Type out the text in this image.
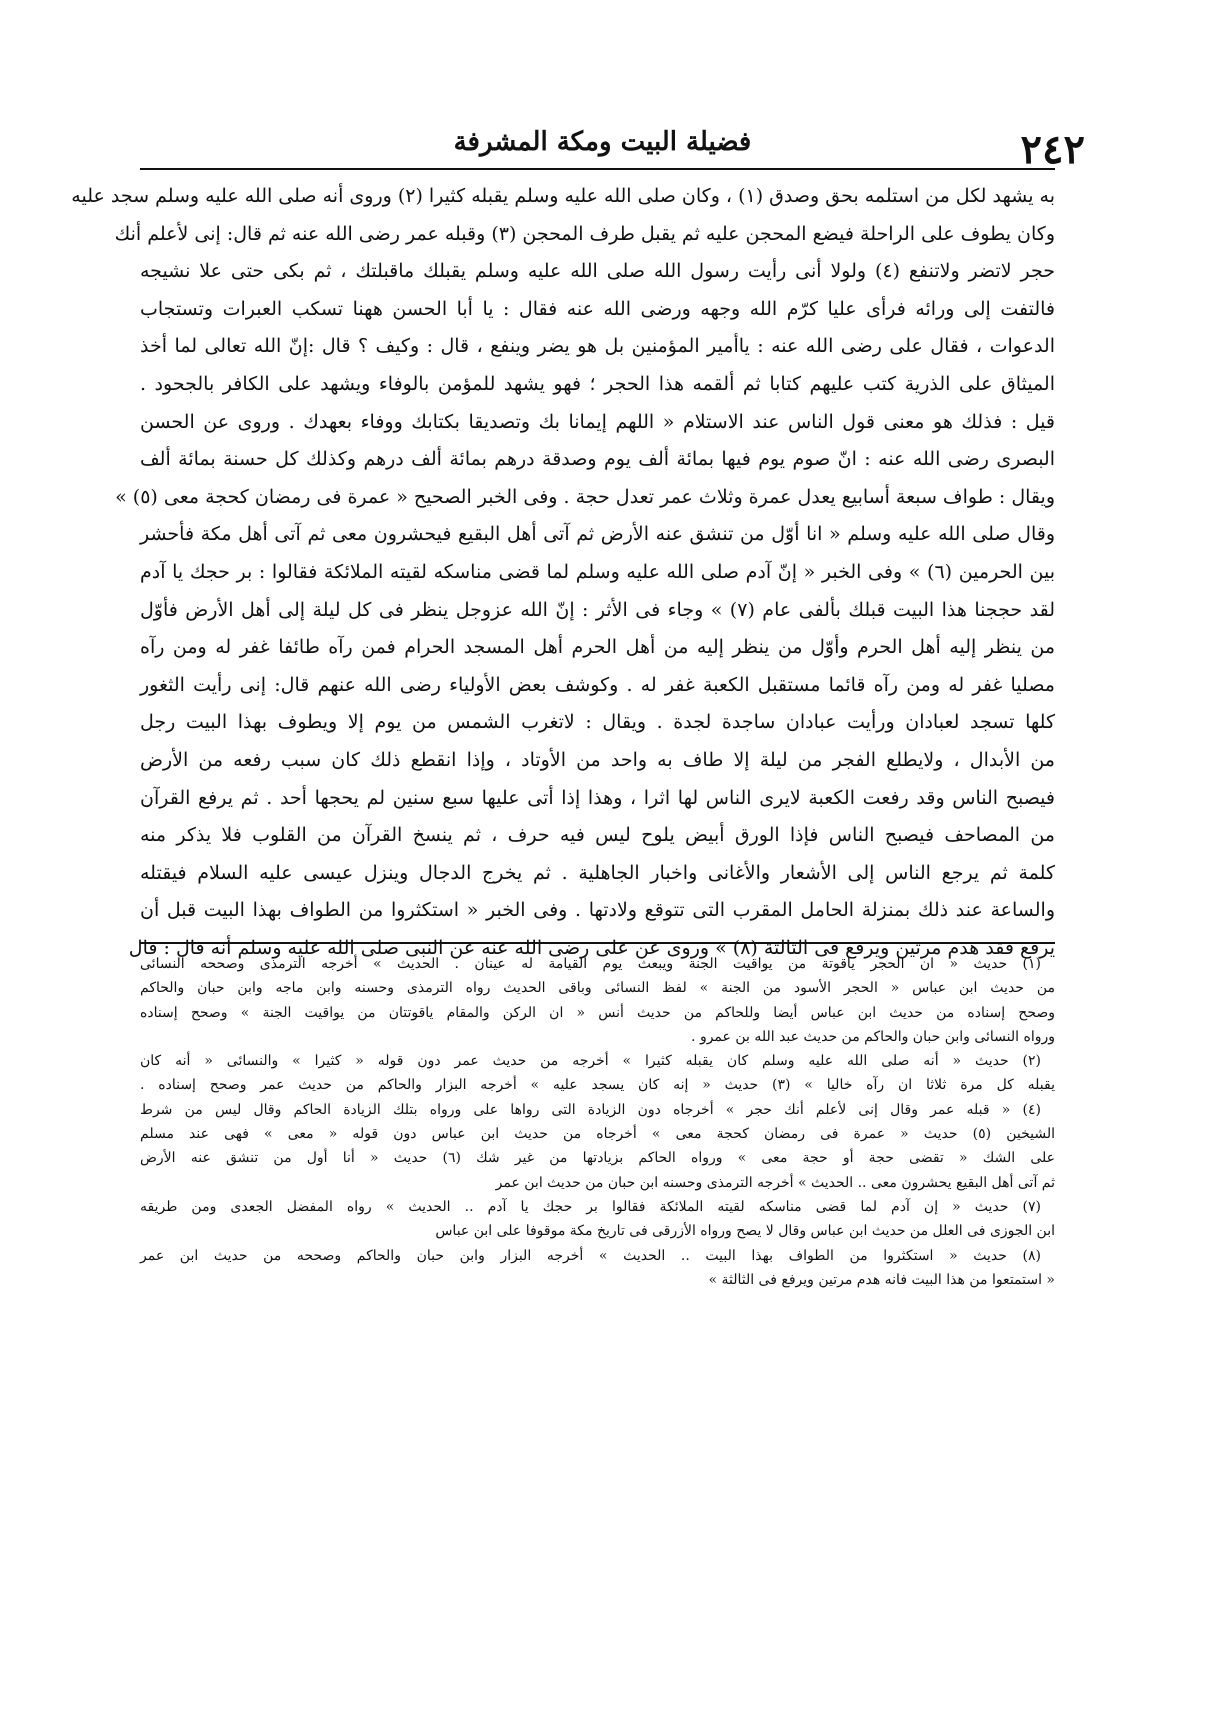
٢٤٢
فضيلة البيت ومكة المشرفة
به يشهد لكل من استلمه بحق وصدق (١) ، وكان صلى الله عليه وسلم يقبله كثيرا (٢) وروى أنه صلى الله عليه وسلم سجد عليه
وكان يطوف على الراحلة فيضع المحجن عليه ثم يقبل طرف المحجن (٣) وقبله عمر رضى الله عنه ثم قال: إنى لأعلم أنك
حجر لاتضر ولاتنفع (٤) ولولا أنى رأيت رسول الله صلى الله عليه وسلم يقبلك ماقبلتك ، ثم بكى حتى علا نشيجه
فالتفت إلى ورائه فرأى عليا كرّم الله وجهه ورضى الله عنه فقال : يا أبا الحسن ههنا تسكب العبرات وتستجاب
الدعوات ، فقال على رضى الله عنه : ياأمير المؤمنين بل هو يضر وينفع ، قال : وكيف ؟ قال :إنّ الله تعالى لما أخذ
الميثاق على الذرية كتب عليهم كتابا ثم ألقمه هذا الحجر ؛ فهو يشهد للمؤمن بالوفاء ويشهد على الكافر بالجحود .
قيل : فذلك هو معنى قول الناس عند الاستلام « اللهم إيمانا بك وتصديقا بكتابك ووفاء بعهدك . وروى عن الحسن
البصرى رضى الله عنه : انّ صوم يوم فيها بمائة ألف يوم وصدقة درهم بمائة ألف درهم وكذلك كل حسنة بمائة ألف
ويقال : طواف سبعة أسابيع يعدل عمرة وثلاث عمر تعدل حجة . وفى الخبر الصحيح « عمرة فى رمضان كحجة معى (٥) »
وقال صلى الله عليه وسلم « انا أوّل من تنشق عنه الأرض ثم آتى أهل البقيع فيحشرون معى ثم آتى أهل مكة فأحشر
بين الحرمين (٦) » وفى الخبر « إنّ آدم صلى الله عليه وسلم لما قضى مناسكه لقيته الملائكة فقالوا : بر حجك يا آدم
لقد حججنا هذا البيت قبلك بألفى عام (٧) » وجاء فى الأثر : إنّ الله عزوجل ينظر فى كل ليلة إلى أهل الأرض فأوّل
من ينظر إليه أهل الحرم وأوّل من ينظر إليه من أهل الحرم أهل المسجد الحرام فمن رآه طائفا غفر له ومن رآه
مصليا غفر له ومن رآه قائما مستقبل الكعبة غفر له . وكوشف بعض الأولياء رضى الله عنهم قال: إنى رأيت الثغور
كلها تسجد لعبادان ورأيت عبادان ساجدة لجدة . ويقال : لاتغرب الشمس من يوم إلا ويطوف بهذا البيت رجل
من الأبدال ، ولايطلع الفجر من ليلة إلا طاف به واحد من الأوتاد ، وإذا انقطع ذلك كان سبب رفعه من الأرض
فيصبح الناس وقد رفعت الكعبة لايرى الناس لها اثرا ، وهذا إذا أتى عليها سبع سنين لم يحجها أحد . ثم يرفع القرآن
من المصاحف فيصبح الناس فإذا الورق أبيض يلوح ليس فيه حرف ، ثم ينسخ القرآن من القلوب فلا يذكر منه
كلمة ثم يرجع الناس إلى الأشعار والأغانى واخبار الجاهلية . ثم يخرج الدجال وينزل عيسى عليه السلام فيقتله
والساعة عند ذلك بمنزلة الحامل المقرب التى تتوقع ولادتها . وفى الخبر « استكثروا من الطواف بهذا البيت قبل أن
يرفع فقد هدم مرتين ويرفع فى الثالثة (٨) » وروى عن على رضى الله عنه عن النبى صلى الله عليه وسلم أنه قال : قال
(١) حديث « ان الحجر ياقوتة من يواقيت الجنة ويبعث يوم القيامة له عينان . الحديث » أخرجه الترمذى وصححه النسائى
من حديث ابن عباس « الحجر الأسود من الجنة » لفظ النسائى وباقى الحديث رواه الترمذى وحسنه وابن ماجه وابن حبان والحاكم
وصحح إسناده من حديث ابن عباس أيضا وللحاكم من حديث أنس « ان الركن والمقام ياقوتتان من يواقيت الجنة » وصحح إسناده
ورواه النسائى وابن حبان والحاكم من حديث عبد الله بن عمرو .
(٢) حديث « أنه صلى الله عليه وسلم كان يقبله كثيرا » أخرجه من حديث عمر دون قوله « كثيرا » والنسائى « أنه كان
يقبله كل مرة ثلاثا ان رآه خاليا » (٣) حديث « إنه كان يسجد عليه » أخرجه البزار والحاكم من حديث عمر وصحح إسناده .
(٤) « قبله عمر وقال إنى لأعلم أنك حجر » أخرجاه دون الزيادة التى رواها على ورواه بتلك الزيادة الحاكم وقال ليس من شرط
الشيخين (٥) حديث « عمرة فى رمضان كحجة معى » أخرجاه من حديث ابن عباس دون قوله « معى » فهى عند مسلم
على الشك « تقضى حجة أو حجة معى » ورواه الحاكم بزيادتها من غير شك (٦) حديث « أنا أول من تنشق عنه الأرض
ثم آتى أهل البقيع يحشرون معى .. الحديث » أخرجه الترمذى وحسنه ابن حبان من حديث ابن عمر
(٧) حديث « إن آدم لما قضى مناسكه لقيته الملائكة فقالوا بر حجك يا آدم .. الحديث » رواه المفضل الجعدى ومن طريقه
ابن الجوزى فى العلل من حديث ابن عباس وقال لا يصح ورواه الأزرقى فى تاريخ مكة موقوفا على ابن عباس
(٨) حديث « استكثروا من الطواف بهذا البيت .. الحديث » أخرجه البزار وابن حبان والحاكم وصححه من حديث ابن عمر
« استمتعوا من هذا البيت فانه هدم مرتين ويرفع فى الثالثة »
